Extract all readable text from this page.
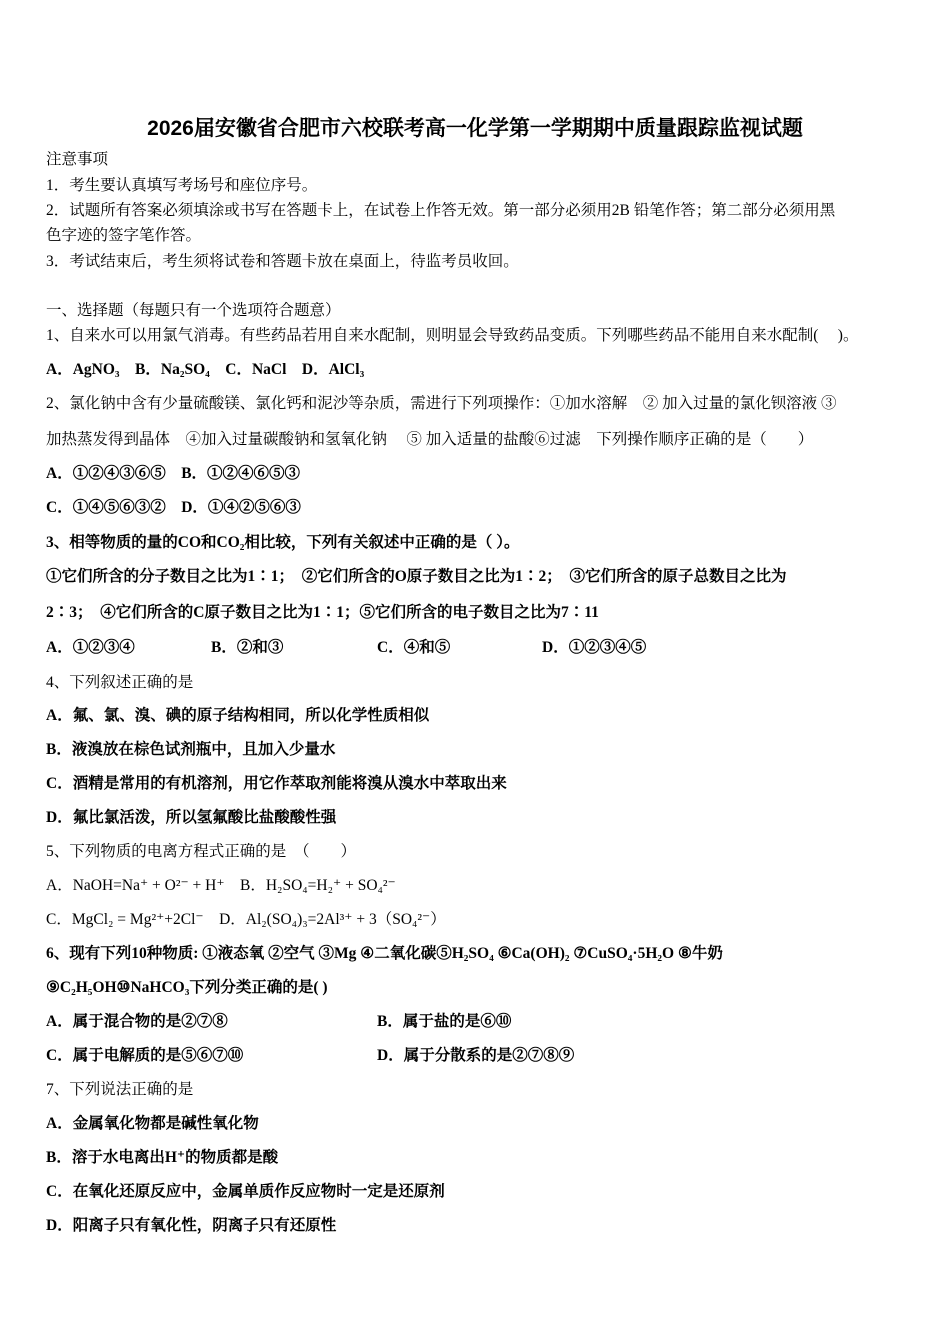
2026届安徽省合肥市六校联考高一化学第一学期期中质量跟踪监视试题
注意事项
1．考生要认真填写考场号和座位序号。
2．试题所有答案必须填涂或书写在答题卡上，在试卷上作答无效。第一部分必须用2B 铅笔作答；第二部分必须用黑
色字迹的签字笔作答。
3．考试结束后，考生须将试卷和答题卡放在桌面上，待监考员收回。
一、选择题（每题只有一个选项符合题意）
1、自来水可以用氯气消毒。有些药品若用自来水配制，则明显会导致药品变质。下列哪些药品不能用自来水配制(　 )。
A．AgNO₃　B．Na₂SO₄　C．NaCl　D．AlCl₃
2、氯化钠中含有少量硫酸镁、氯化钙和泥沙等杂质，需进行下列项操作：①加水溶解　② 加入过量的氯化钡溶液 ③
加热蒸发得到晶体　④加入过量碳酸钠和氢氧化钠　 ⑤ 加入适量的盐酸⑥过滤　下列操作顺序正确的是（　　）
A．①②④③⑥⑤　B．①②④⑥⑤③
C．①④⑤⑥③②　D．①④②⑤⑥③
3、相等物质的量的CO和CO₂相比较，下列有关叙述中正确的是（ ）。
①它们所含的分子数目之比为1∶1；　②它们所含的O原子数目之比为1∶2；　③它们所含的原子总数目之比为
2∶3；　④它们所含的C原子数目之比为1∶1；⑤它们所含的电子数目之比为7∶11
A．①②③④	B．②和③	C．④和⑤	D．①②③④⑤
4、下列叙述正确的是
A．氟、氯、溴、碘的原子结构相同，所以化学性质相似
B．液溴放在棕色试剂瓶中，且加入少量水
C．酒精是常用的有机溶剂，用它作萃取剂能将溴从溴水中萃取出来
D．氟比氯活泼，所以氢氟酸比盐酸酸性强
5、下列物质的电离方程式正确的是　（　　）
A．NaOH=Na⁺ + O²⁻ + H⁺　B．H₂SO₄=H₂⁺ + SO₄²⁻
C．MgCl₂ = Mg²⁺+2Cl⁻　D．Al₂(SO₄)₃=2Al³⁺ + 3（SO₄²⁻）
6、现有下列10种物质: ①液态氧 ②空气 ③Mg ④二氧化碳⑤H₂SO₄ ⑥Ca(OH)₂ ⑦CuSO₄·5H₂O ⑧牛奶
⑨C₂H₅OH⑩NaHCO₃下列分类正确的是( )
A．属于混合物的是②⑦⑧	B．属于盐的是⑥⑩
C．属于电解质的是⑤⑥⑦⑩	D．属于分散系的是②⑦⑧⑨
7、下列说法正确的是
A．金属氧化物都是碱性氧化物
B．溶于水电离出H⁺的物质都是酸
C．在氧化还原反应中，金属单质作反应物时一定是还原剂
D．阳离子只有氧化性，阴离子只有还原性
